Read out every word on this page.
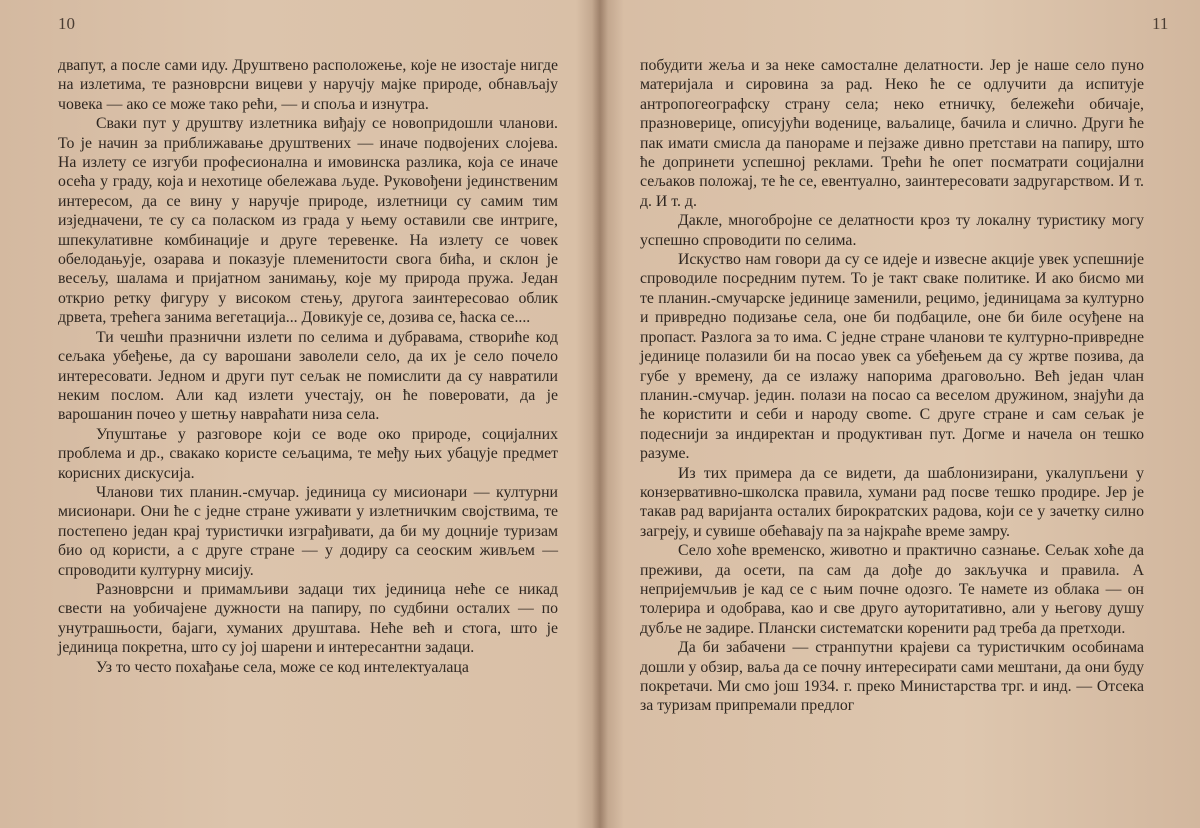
10

двапут, а после сами иду. Друштвено расположење, које не изостаје нигде на излетима, те разноврсни вицеви у наручју мајке природе, обнављају човека — ако се може тако рећи, — и споља и изнутра.

Сваки пут у друштву излетника виђају се новопридошли чланови. То је начин за приближавање друштвених — иначе подвојених слојева. На излету се изгуби професионална и имовинска разлика, која се иначе осећа у граду, која и нехотице обележава људе. Руковођени јединственим интересом, да се вину у наручје природе, излетници су самим тим изједначени, те су са поласком из града у њему оставили све интриге, шпекулативне комбинације и друге теревенке. На излету се човек обелодањује, озарава и показује племенитости свога бића, и склон је весељу, шалама и пријатном занимању, које му природа пружа. Један открио ретку фигуру у високом стењу, другога заинтересовао облик дрвета, трећега занима вегетација... Довикује се, дозива се, ћаска се....

Ти чешћи празнични излети по селима и дубравама, створиће код сељака убеђење, да су варошани заволели село, да их је село почело интересовати. Једном и други пут сељак не помислити да су навратили неким послом. Али кад излети учестају, он ће поверовати, да је варошанин почео у шетњу навраћати низа села.

Упуштање у разговоре који се воде око природе, социјалних проблема и др., свакако користе сељацима, те међу њих убацује предмет корисних дискусија.

Чланови тих планин.-смучар. јединица су мисионари — културни мисионари. Они ће с једне стране уживати у излетничким својствима, те постепено један крај туристички изграђивати, да би му доцније туризам био од користи, а с друге стране — у додиру са сеоским живљем — спроводити културну мисију.

Разноврсни и примамљиви задаци тих јединица неће се никад свести на уобичајене дужности на папиру, по судбини осталих — по унутрашњости, бајаги, хуманих друштава. Неће већ и стога, што је јединица покретна, што су јој шарени и интересантни задаци.

Уз то често похађање села, може се код интелектуалаца

11

побудити жеља и за неке самосталне делатности. Јер је наше село пуно материјала и сировина за рад. Неко ће се одлучити да испитује антропогеографску страну села; неко етничку, бележећи обичаје, празноверице, описујући воденице, ваљалице, бачила и слично. Други ће пак имати смисла да панораме и пејзаже дивно претстави на папиру, што ће допринети успешној реклами. Трећи ће опет посматрати социјални сељаков положај, те ће се, евентуално, заинтересовати задругарством. И т. д. И т. д.

Дакле, многобројне се делатности кроз ту локалну туристику могу успешно спроводити по селима.

Искуство нам говори да су се идеје и извесне акције увек успешније спроводиле посредним путем. То је такт сваке политике. И ако бисмо ми те планин.-смучарске јединице заменили, рецимо, јединицама за културно и привредно подизање села, оне би подбациле, оне би биле осуђене на пропаст. Разлога за то има. С једне стране чланови те културно-привредне јединице полазили би на посао увек са убеђењем да су жртве позива, да губе у времену, да се излажу напорима драговољно. Већ један члан планин.-смучар. једин. полази на посао са веселом дружином, знајући да ће користити и себи и народу свome. С друге стране и сам сељак је подеснији за индиректан и продуктиван пут. Догме и начела он тешко разуме.

Из тих примера да се видети, да шаблонизирани, укалупљени у конзервативно-школска правила, хумани рад посве тешко продире. Јер је такав рад варијанта осталих бирократских радова, који се у зачетку силно загреју, и сувише обећавају па за најкраће време замру.

Село хоће временско, животно и практично сазнање. Сељак хоће да преживи, да осети, па сам да дође до закључка и правила. А непријемчљив је кад се с њим почне одозго. Те намете из облака — он толерира и одобрава, као и све друго ауторитативно, али у његову душу дубље не задире. Плански систематски коренити рад треба да претходи.

Да би забачени — странпутни крајеви са туристичким особинама дошли у обзир, ваља да се почну интересирати сами мештани, да они буду покретачи. Ми смо још 1934. г. преко Министарства трг. и инд. — Отсека за туризам припремали предлог
